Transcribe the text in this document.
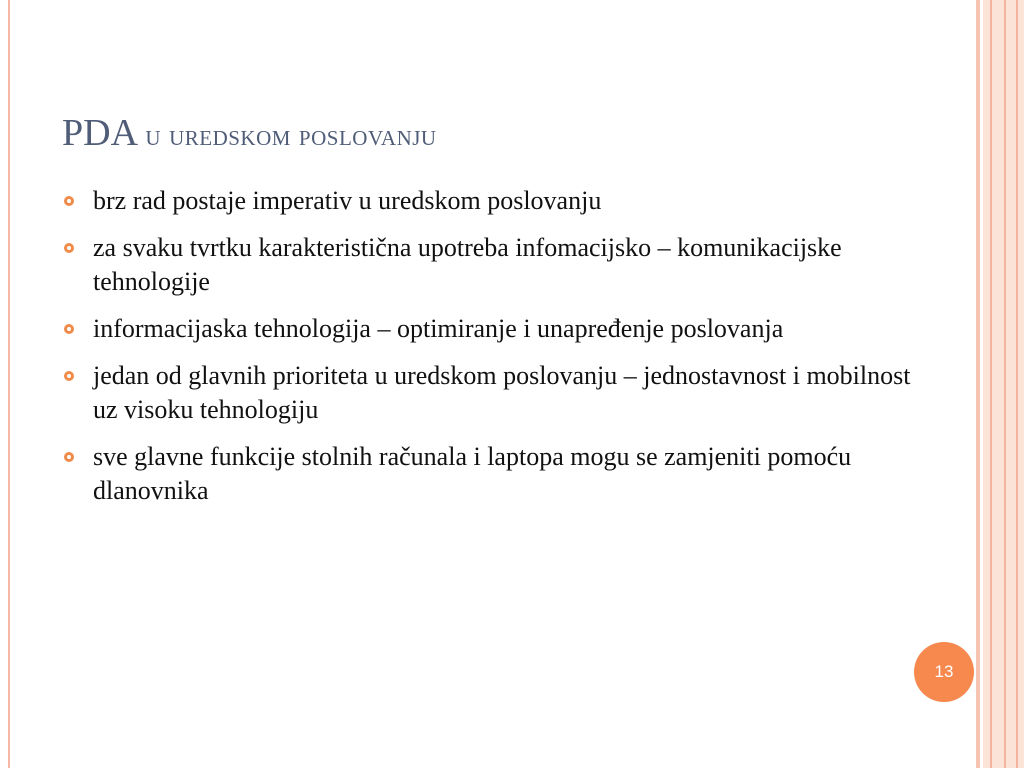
PDA u uredskom poslovanju
brz rad postaje imperativ u uredskom poslovanju
za svaku tvrtku karakteristična upotreba infomacijsko – komunikacijske tehnologije
informacijaska tehnologija – optimiranje i unapređenje poslovanja
jedan od glavnih prioriteta u uredskom poslovanju – jednostavnost i mobilnost uz visoku tehnologiju
sve glavne funkcije stolnih računala i laptopa mogu se zamjeniti pomoću dlanovnika
13
